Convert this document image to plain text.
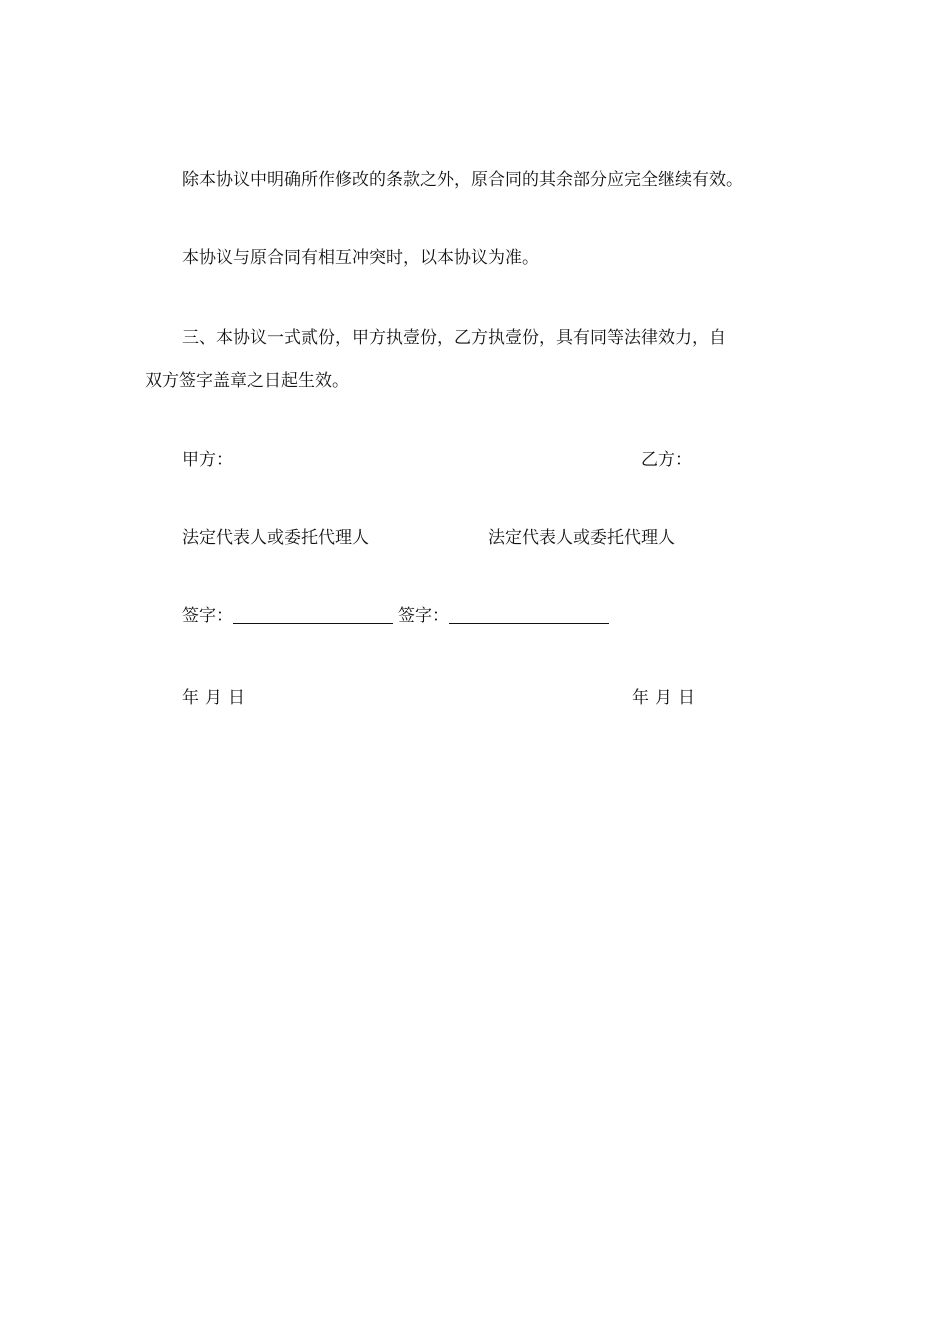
除本协议中明确所作修改的条款之外，原合同的其余部分应完全继续有效。
本协议与原合同有相互冲突时，以本协议为准。
三、本协议一式贰份，甲方执壹份，乙方执壹份，具有同等法律效力，自
双方签字盖章之日起生效。
甲方：	乙方：
法定代表人或委托代理人	法定代表人或委托代理人
签字：	签字：
年 月 日	年 月 日
